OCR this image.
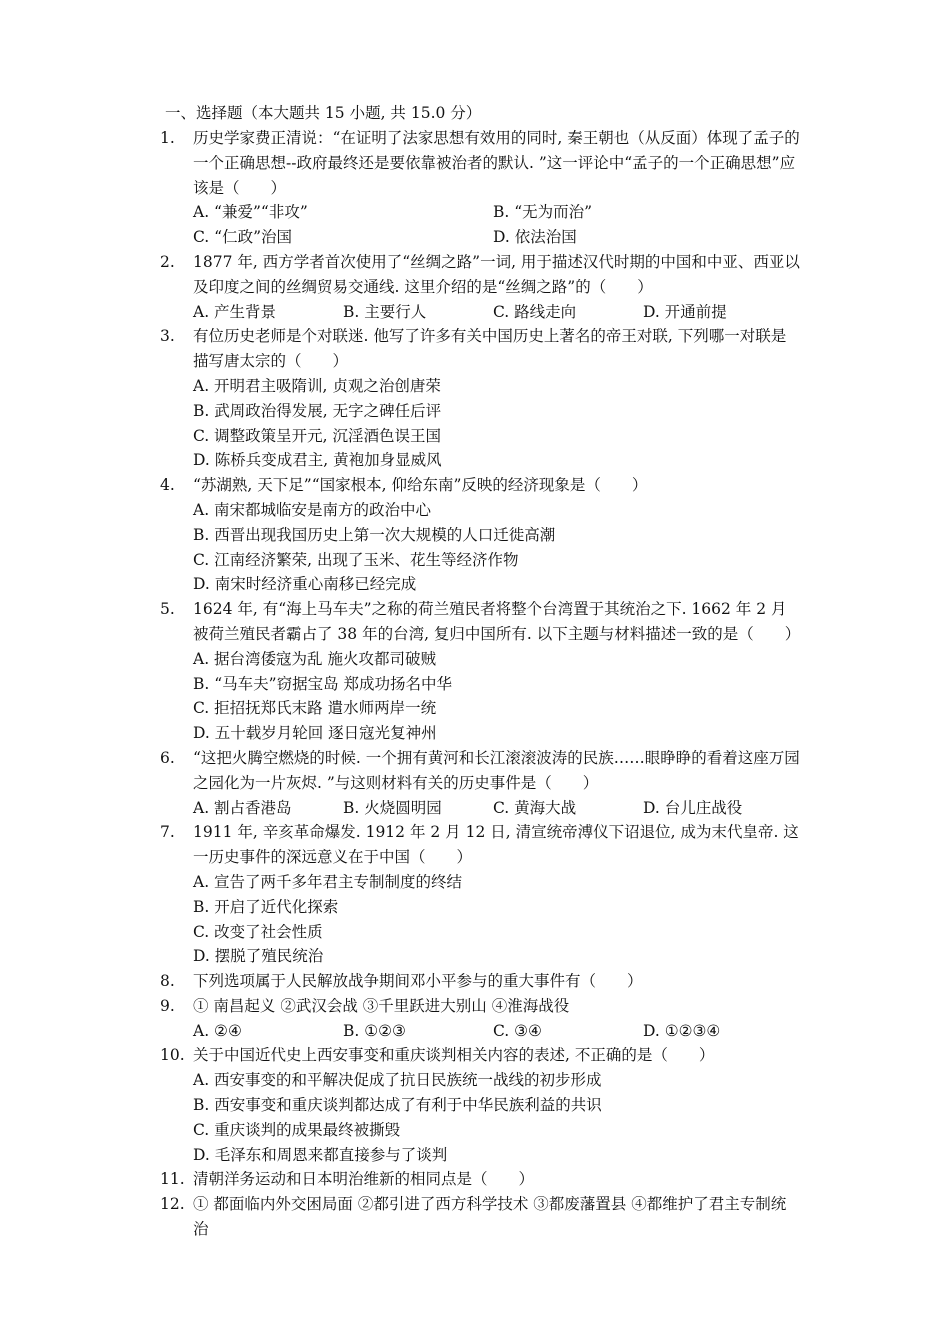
一、选择题（本大题共 15 小题, 共 15.0 分）
1.	历史学家费正清说：“在证明了法家思想有效用的同时, 秦王朝也（从反面）体现了孟子的一个正确思想--政府最终还是要依靠被治者的默认. ”这一评论中“孟子的一个正确思想”应该是（　　）
A. “兼爱”“非攻”	B. “无为而治”
C. “仁政”治国	D. 依法治国
2.	1877 年, 西方学者首次使用了“丝绸之路”一词, 用于描述汉代时期的中国和中亚、西亚以及印度之间的丝绸贸易交通线. 这里介绍的是“丝绸之路”的（　　）
A. 产生背景	B. 主要行人	C. 路线走向	D. 开通前提
3.	有位历史老师是个对联迷. 他写了许多有关中国历史上著名的帝王对联, 下列哪一对联是描写唐太宗的（　　）
A. 开明君主吸隋训, 贞观之治创唐荣
B. 武周政治得发展, 无字之碑任后评
C. 调整政策呈开元, 沉淫酒色误王国
D. 陈桥兵变成君主, 黄袍加身显威风
4.	“苏湖熟, 天下足”“国家根本, 仰给东南”反映的经济现象是（　　）
A. 南宋都城临安是南方的政治中心
B. 西晋出现我国历史上第一次大规模的人口迁徙高潮
C. 江南经济繁荣, 出现了玉米、花生等经济作物
D. 南宋时经济重心南移已经完成
5.	1624 年, 有“海上马车夫”之称的荷兰殖民者将整个台湾置于其统治之下. 1662 年 2 月被荷兰殖民者霸占了 38 年的台湾, 复归中国所有. 以下主题与材料描述一致的是（　　）
A. 据台湾倭寇为乱 施火攻都司破贼
B. “马车夫”窃据宝岛 郑成功扬名中华
C. 拒招抚郑氏末路 遣水师两岸一统
D. 五十载岁月轮回 逐日寇光复神州
6.	“这把火腾空燃烧的时候. 一个拥有黄河和长江滚滚波涛的民族……眼睁睁的看着这座万园之园化为一片灰烬. ”与这则材料有关的历史事件是（　　）
A. 割占香港岛	B. 火烧圆明园	C. 黄海大战	D. 台儿庄战役
7.	1911 年, 辛亥革命爆发. 1912 年 2 月 12 日, 清宣统帝溥仪下诏退位, 成为末代皇帝. 这一历史事件的深远意义在于中国（　　）
A. 宣告了两千多年君主专制制度的终结
B. 开启了近代化探索
C. 改变了社会性质
D. 摆脱了殖民统治
8.	下列选项属于人民解放战争期间邓小平参与的重大事件有（　　）
9.	① 南昌起义 ②武汉会战 ③千里跃进大别山 ④淮海战役
A. ②④	B. ①②③	C. ③④	D. ①②③④
10. 关于中国近代史上西安事变和重庆谈判相关内容的表述, 不正确的是（　　）
A. 西安事变的和平解决促成了抗日民族统一战线的初步形成
B. 西安事变和重庆谈判都达成了有利于中华民族利益的共识
C. 重庆谈判的成果最终被撕毁
D. 毛泽东和周恩来都直接参与了谈判
11. 清朝洋务运动和日本明治维新的相同点是（　　）
12. ① 都面临内外交困局面 ②都引进了西方科学技术 ③都废藩置县 ④都维护了君主专制统治
